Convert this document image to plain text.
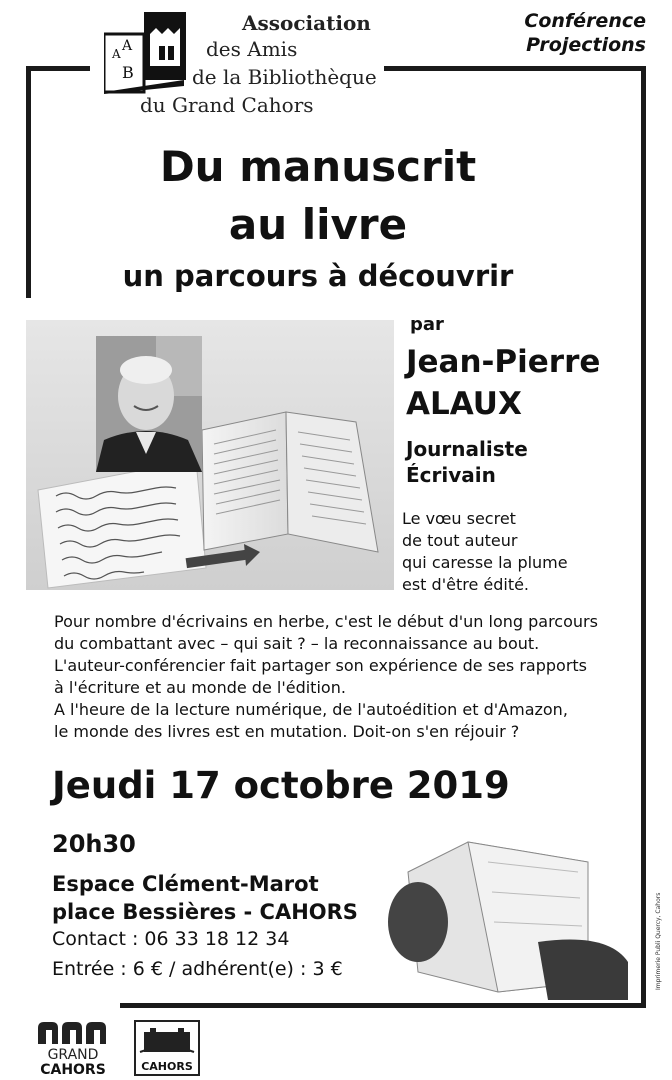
A A
B
Association
des Amis
de la Bibliothèque
du Grand Cahors
Conférence
Projections
Du manuscrit
au livre
un parcours à découvrir
par
Jean-Pierre
ALAUX
Journaliste
Écrivain
Le vœu secret
de tout auteur
qui caresse la plume
est d'être édité.
Pour nombre d'écrivains en herbe, c'est le début d'un long parcours
du combattant avec – qui sait ? – la reconnaissance au bout.
L'auteur-conférencier fait partager son expérience de ses rapports
à l'écriture et au monde de l'édition.
A l'heure de la lecture numérique, de l'autoédition et d'Amazon,
le monde des livres est en mutation. Doit-on s'en réjouir ?
Jeudi 17 octobre 2019
20h30
Espace Clément-Marot
place Bessières - CAHORS
Contact : 06 33 18 12 34
Entrée : 6 € / adhérent(e) : 3 €	Imprimerie Publi Quercy, Cahors
GRAND
CAHORS	CAHORS
